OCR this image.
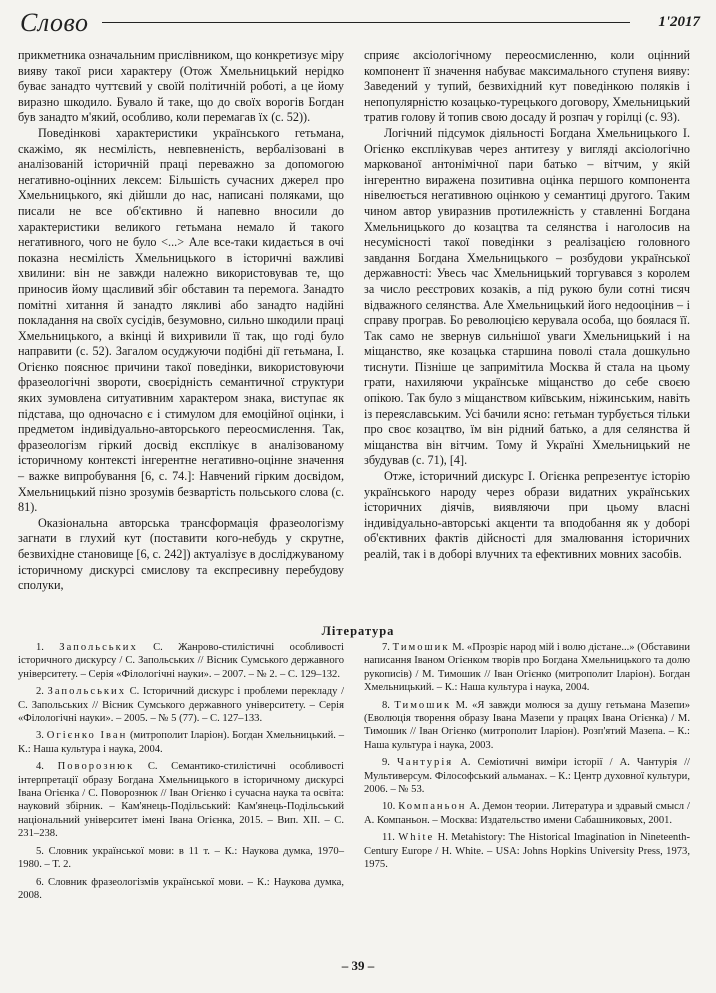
Cлово	1'2017

прикметника означальним прислівником, що конкретизує міру вияву такої риси характеру (Отож Хмельницький нерідко буває занадто чуттєвий у своїй політичній роботі, а це йому виразно шкодило. Бувало й таке, що до своїх ворогів Богдан був занадто м'який, особливо, коли перемагав їх (с. 52)).

Поведінкові характеристики українського гетьмана, скажімо, як несмілість, невпевненість, вербалізовані в аналізованій історичній праці переважно за допомогою негативно-оцінних лексем: Більшість сучасних джерел про Хмельницького, які дійшли до нас, написані поляками, що писали не все об'єктивно й напевно вносили до характеристики великого гетьмана немало й такого негативного, чого не було <...> Але все-таки кидається в очі показна несмілість Хмельницького в історичні важливі хвилини: він не завжди належно використовував те, що приносив йому щасливий збіг обставин та перемога. Занадто помітні хитання й занадто лякливі або занадто надійні покладання на своїх сусідів, безумовно, сильно шкодили праці Хмельницького, а вкінці й вихривили її так, що годі було направити (с. 52). Загалом осуджуючи подібні дії гетьмана, І. Огієнко пояснює причини такої поведінки, використовуючи фразеологічні звороти, своєрідність семантичної структури яких зумовлена ситуативним характером знака, виступає як підстава, що одночасно є і стимулом для емоційної оцінки, і предметом індивідуально-авторського переосмислення. Так, фразеологізм гіркий досвід експлікує в аналізованому історичному контексті інгерентне негативно-оцінне значення – важке випробування [6, с. 74.]: Навчений гірким досвідом, Хмельницький пізно зрозумів безвартість польського слова (с. 81).

Оказіональна авторська трансформація фразеологізму загнати в глухий кут (поставити кого-небудь у скрутне, безвихідне становище [6, с. 242]) актуалізує в досліджуваному історичному дискурсі смислову та експресивну перебудову сполуки,

сприяє аксіологічному переосмисленню, коли оцінний компонент її значення набуває максимального ступеня вияву: Заведений у тупий, безвихідний кут поведінкою поляків і непопулярністю козацько-турецького договору, Хмельницький тратив голову й топив свою досаду й розпач у горілці (с. 93).

Логічний підсумок діяльності Богдана Хмельницького І. Огієнко експлікував через антитезу у вигляді аксіологічно маркованої антонімічної пари батько – вітчим, у якій інгерентно виражена позитивна оцінка першого компонента нівелюється негативною оцінкою у семантиці другого. Таким чином автор увиразнив протилежність у ставленні Богдана Хмельницького до козацтва та селянства і наголосив на несумісності такої поведінки з реалізацією головного завдання Богдана Хмельницького – розбудови української державності: Увесь час Хмельницький торгувався з королем за число реєстрових козаків, а під рукою були сотні тисяч відважного селянства. Але Хмельницький його недооцінив – і справу програв. Бо революцією керувала особа, що боялася її. Так само не звернув сильнішої уваги Хмельницький і на міщанство, яке козацька старшина повoлі стала дошкульно тиснути. Пізніше це запримітила Москва й стала на цьому грати, нахиляючи українське міщанство до себе своєю опікою. Так було з міщанством київським, ніжинським, навіть із переяславським. Усі бачили ясно: гетьман турбується тільки про своє козацтво, їм він рідний батько, а для селянства й міщанства він вітчим. Тому й Україні Хмельницький не збудував (с. 71), [4].

Отже, історичний дискурс І. Огієнка репрезентує історію українського народу через образи видатних українських історичних діячів, виявляючи при цьому власні індивідуально-авторські акценти та вподобання як у доборі об'єктивних фактів дійсності для змалювання історичних реалій, так і в доборі влучних та ефективних мовних засобів.

Література

1. Запольських С. Жанрово-стилістичні особливості історичного дискурсу / С. Запольських // Вісник Сумського державного університету. – Серія «Філологічні науки». – 2007. – № 2. – С. 129–132.

2. Запольських С. Історичний дискурс і проблеми перекладу / С. Запольських // Вісник Сумського державного університету. – Серія «Філологічні науки». – 2005. – № 5 (77). – С. 127–133.

3. Огієнко Іван (митрополит Іларіон). Богдан Хмельницький. – К.: Наша культура і наука, 2004.

4. Поворознюк С. Семантико-стилістичні особливості інтерпретації образу Богдана Хмельницького в історичному дискурсі Івана Огієнка / С. Поворознюк // Іван Огієнко і сучасна наука та освіта: науковий збірник. – Кам'янець-Подільський: Кам'янець-Подільський національний університет імені Івана Огієнка, 2015. – Вип. XII. – С. 231–238.

5. Словник української мови: в 11 т. – К.: Наукова думка, 1970–1980. – Т. 2.

6. Словник фразеологізмів української мови. – К.: Наукова думка, 2008.

7. Тимошик М. «Прозріє народ мій і волю дістане...» (Обставини написання Іваном Огієнком творів про Богдана Хмельницького та долю рукописів) / М. Тимошик // Іван Огієнко (митрополит Іларіон). Богдан Хмельницький. – К.: Наша культура і наука, 2004.

8. Тимошик М. «Я завжди молюся за душу гетьмана Мазепи» (Еволюція творення образу Івана Мазепи у працях Івана Огієнка) / М. Тимошик // Іван Огієнко (митрополит Іларіон). Розп'ятий Мазепа. – К.: Наша культура і наука, 2003.

9. Чантурія А. Семіотичні виміри історії / А. Чантурія // Мультиверсум. Філософський альманах. – К.: Центр духовної культури, 2006. – № 53.

10. Компаньон А. Демон теории. Литература и здравый смысл / А. Компаньон. – Москва: Издательство имени Сабашниковых, 2001.

11. White H. Metahistory: The Historical Imagination in Nineteenth-Century Europe / H. White. – USA: Johns Hopkins University Press, 1973, 1975.

– 39 –
